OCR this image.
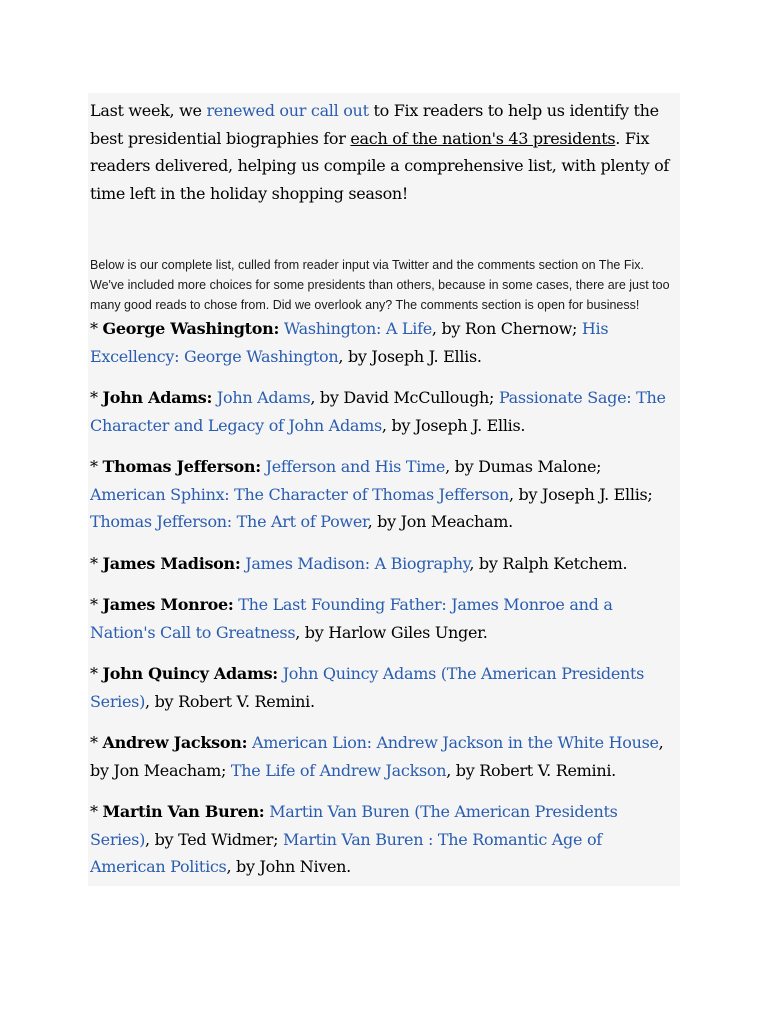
Last week, we renewed our call out to Fix readers to help us identify the best presidential biographies for each of the nation's 43 presidents. Fix readers delivered, helping us compile a comprehensive list, with plenty of time left in the holiday shopping season!

Below is our complete list, culled from reader input via Twitter and the comments section on The Fix. We've included more choices for some presidents than others, because in some cases, there are just too many good reads to chose from. Did we overlook any? The comments section is open for business!

* George Washington: Washington: A Life, by Ron Chernow; His Excellency: George Washington, by Joseph J. Ellis.

* John Adams: John Adams, by David McCullough; Passionate Sage: The Character and Legacy of John Adams, by Joseph J. Ellis.

* Thomas Jefferson: Jefferson and His Time, by Dumas Malone; American Sphinx: The Character of Thomas Jefferson, by Joseph J. Ellis; Thomas Jefferson: The Art of Power, by Jon Meacham.

* James Madison: James Madison: A Biography, by Ralph Ketchem.

* James Monroe: The Last Founding Father: James Monroe and a Nation's Call to Greatness, by Harlow Giles Unger.

* John Quincy Adams: John Quincy Adams (The American Presidents Series), by Robert V. Remini.

* Andrew Jackson: American Lion: Andrew Jackson in the White House, by Jon Meacham; The Life of Andrew Jackson, by Robert V. Remini.

* Martin Van Buren: Martin Van Buren (The American Presidents Series), by Ted Widmer; Martin Van Buren : The Romantic Age of American Politics, by John Niven.
